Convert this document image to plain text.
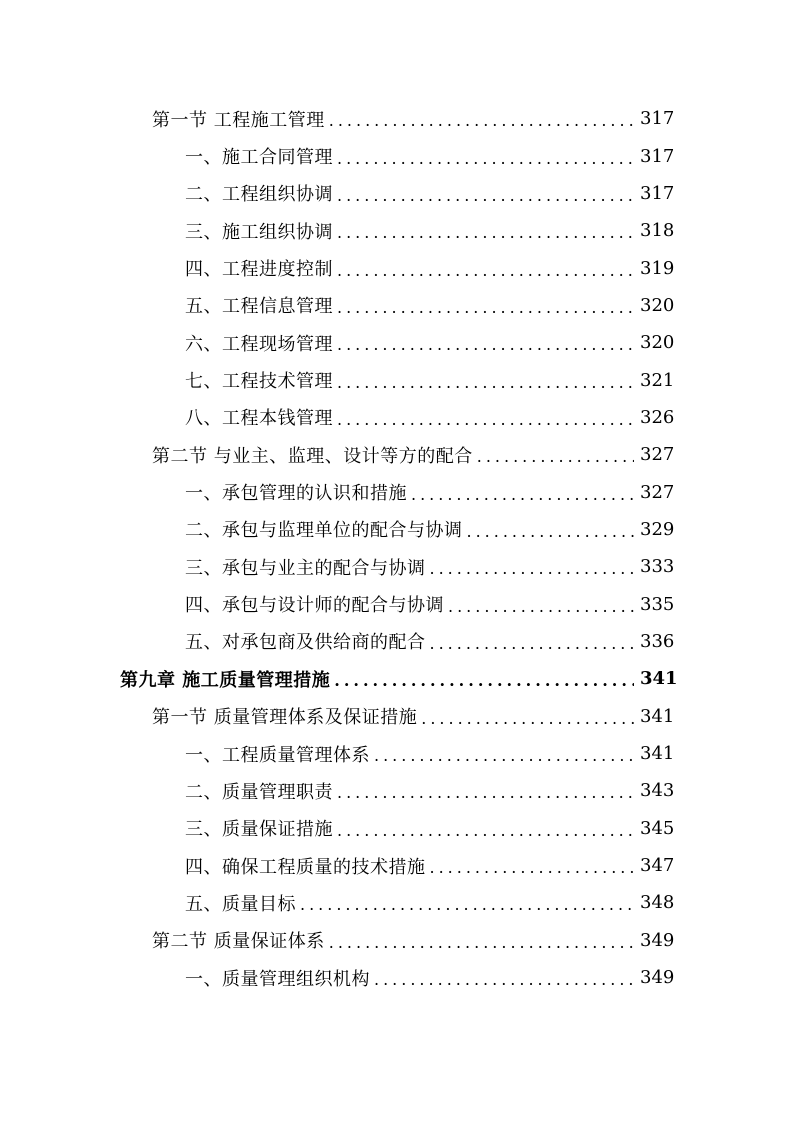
第一节 工程施工管理 .....	317
一、施工合同管理 .....	317
二、工程组织协调 .....	317
三、施工组织协调 .....	318
四、工程进度控制 .....	319
五、工程信息管理 .....	320
六、工程现场管理 .....	320
七、工程技术管理 .....	321
八、工程本钱管理 .....	326
第二节 与业主、监理、设计等方的配合 .....	327
一、承包管理的认识和措施 .....	327
二、承包与监理单位的配合与协调 .....	329
三、承包与业主的配合与协调 .....	333
四、承包与设计师的配合与协调 .....	335
五、对承包商及供给商的配合 .....	336
第九章 施工质量管理措施 .....	341
第一节 质量管理体系及保证措施 .....	341
一、工程质量管理体系 .....	341
二、质量管理职责 .....	343
三、质量保证措施 .....	345
四、确保工程质量的技术措施 .....	347
五、质量目标 .....	348
第二节 质量保证体系 .....	349
一、质量管理组织机构 .....	349
